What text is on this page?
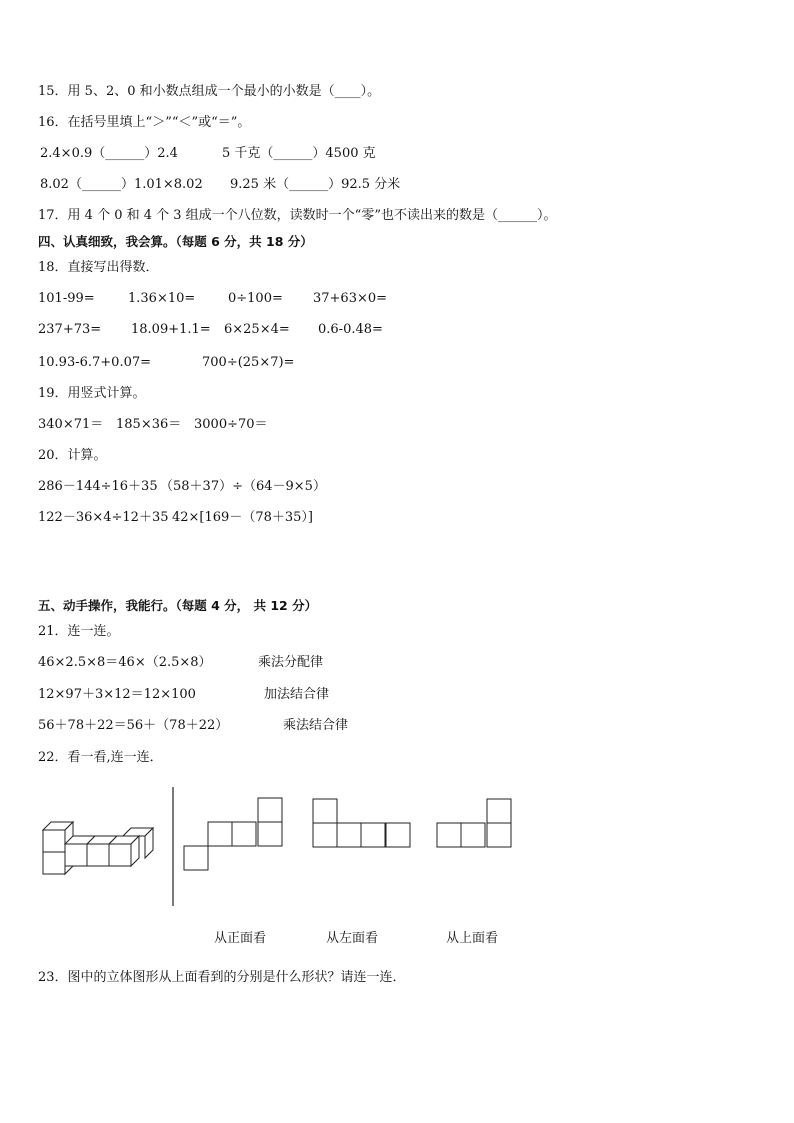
15．用 5、2、0 和小数点组成一个最小的小数是（____）。
16．在括号里填上“＞”“＜”或“＝”。
2.4×0.9（______）2.4	5 千克（______）4500 克
8.02（______）1.01×8.02 9.25 米（______）92.5 分米
17．用 4 个 0 和 4 个 3 组成一个八位数，读数时一个“零”也不读出来的数是（______）。
四、认真细致，我会算。（每题 6 分，共 18 分）
18．直接写出得数．
101-99=	1.36×10=	0÷100= 37+63×0=
237+73= 18.09+1.1= 6×25×4= 0.6-0.48=
10.93-6.7+0.07=	700÷(25×7)=
19．用竖式计算。
340×71＝ 185×36＝ 3000÷70＝
20．计算。
286－144÷16＋35 （58＋37）÷（64－9×5）
122－36×4÷12＋35 42×[169－（78＋35）]
五、动手操作，我能行。（每题 4 分， 共 12 分）
21．连一连。
46×2.5×8＝46×（2.5×8）	乘法分配律
12×97＋3×12＝12×100	加法结合律
56＋78＋22＝56＋（78＋22）	乘法结合律
22．看一看,连一连．
从正面看	从左面看	从上面看
23．图中的立体图形从上面看到的分别是什么形状？请连一连．
